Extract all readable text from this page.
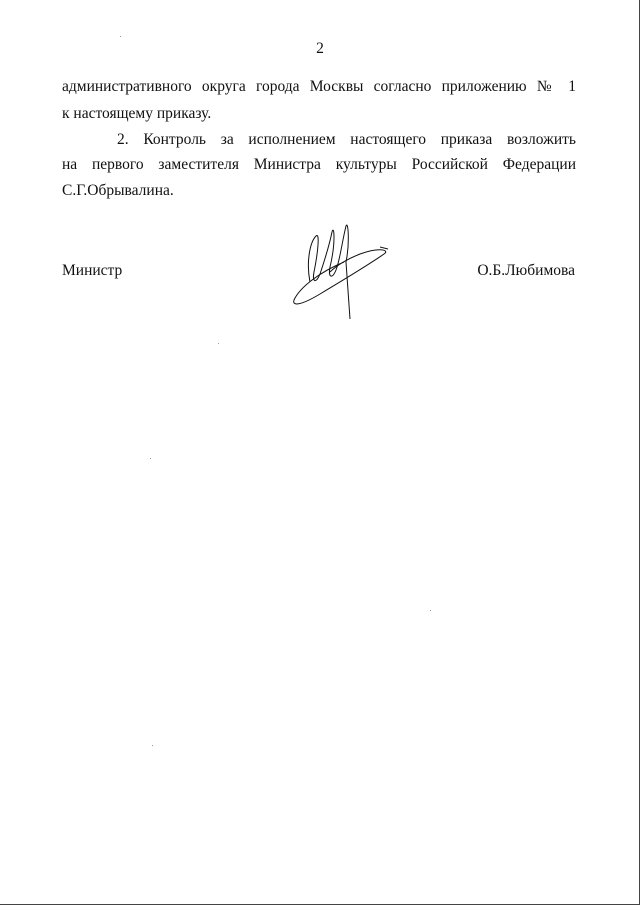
2
административного округа города Москвы согласно приложению № 1
к настоящему приказу.
2. Контроль за исполнением настоящего приказа возложить
на первого заместителя Министра культуры Российской Федерации
С.Г.Обрывалина.
Министр	О.Б.Любимова
